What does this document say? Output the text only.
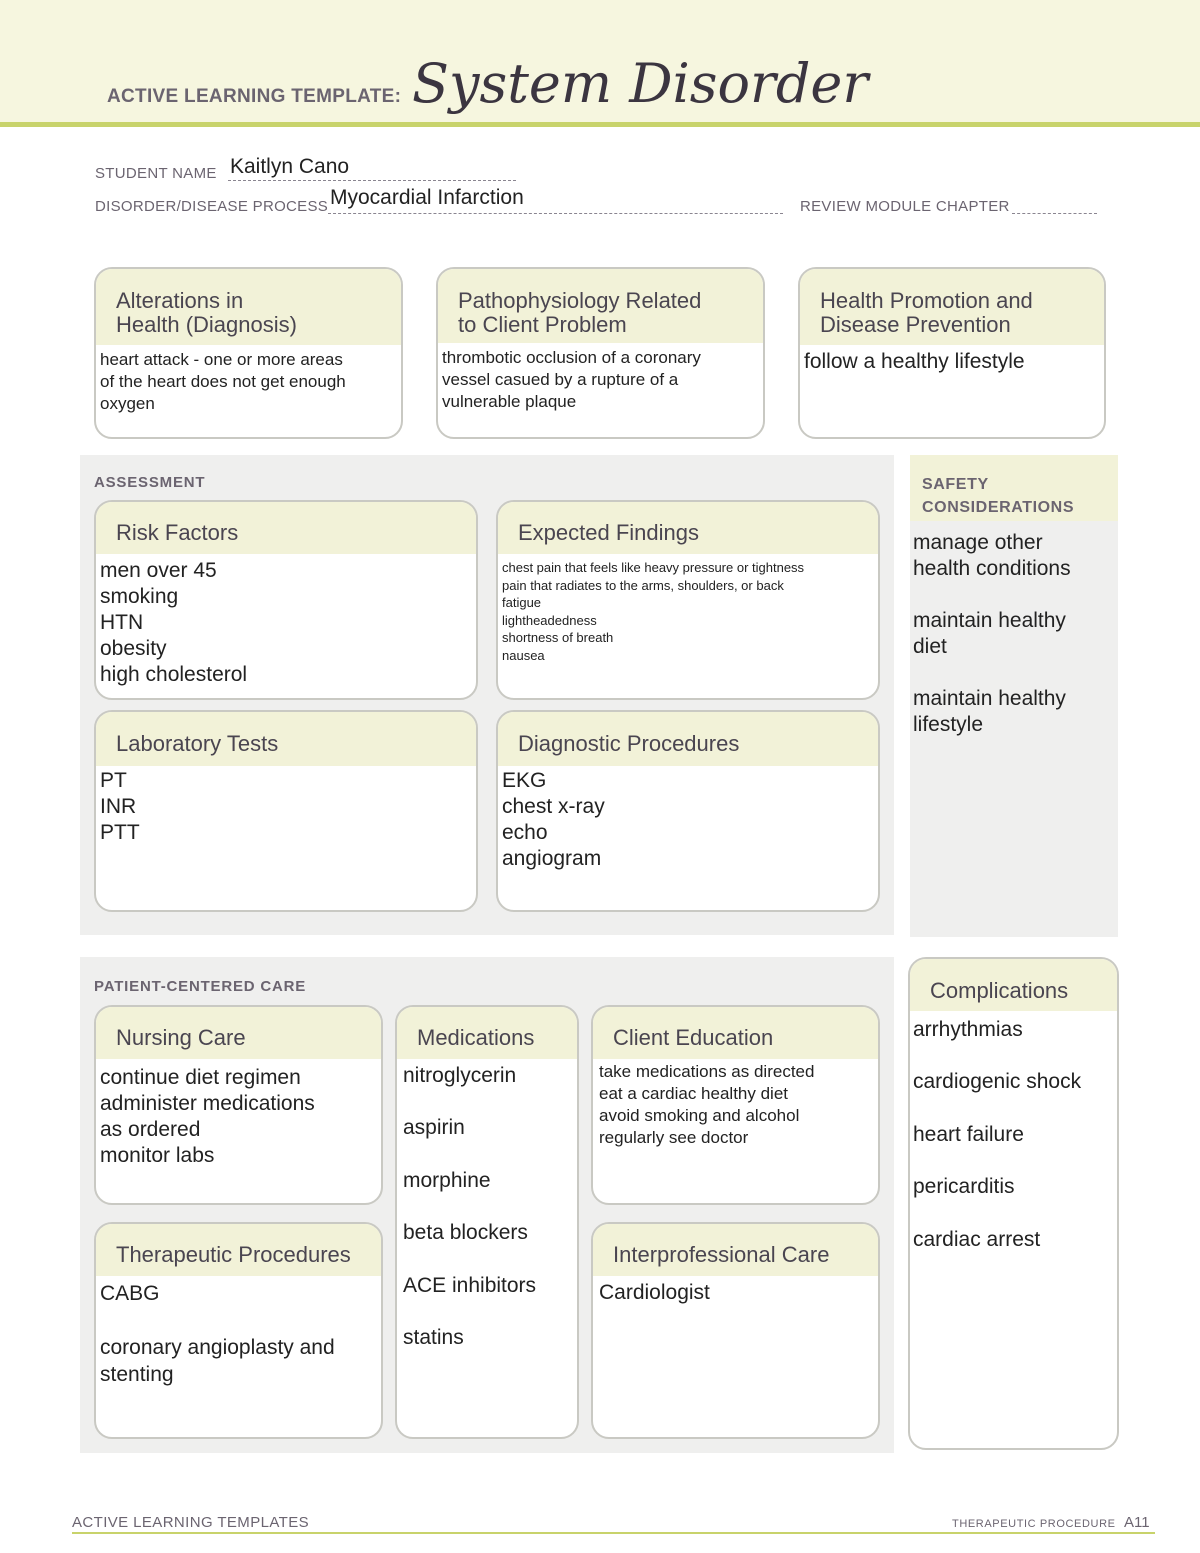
ACTIVE LEARNING TEMPLATE: System Disorder
STUDENT NAME Kaitlyn Cano
DISORDER/DISEASE PROCESS Myocardial Infarction	REVIEW MODULE CHAPTER
Alterations in
Health (Diagnosis)
heart attack - one or more areas
of the heart does not get enough
oxygen
Pathophysiology Related
to Client Problem
thrombotic occlusion of a coronary
vessel casued by a rupture of a
vulnerable plaque
Health Promotion and
Disease Prevention
follow a healthy lifestyle
ASSESSMENT
Risk Factors
men over 45
smoking
HTN
obesity
high cholesterol
Expected Findings
chest pain that feels like heavy pressure or tightness
pain that radiates to the arms, shoulders, or back
fatigue
lightheadedness
shortness of breath
nausea
Laboratory Tests
PT
INR
PTT
Diagnostic Procedures
EKG
chest x-ray
echo
angiogram
SAFETY
CONSIDERATIONS
manage other
health conditions

maintain healthy
diet

maintain healthy
lifestyle
PATIENT-CENTERED CARE
Nursing Care
continue diet regimen
administer medications
as ordered
monitor labs
Medications
nitroglycerin

aspirin

morphine

beta blockers

ACE inhibitors

statins
Client Education
take medications as directed
eat a cardiac healthy diet
avoid smoking and alcohol
regularly see doctor
Therapeutic Procedures
CABG

coronary angioplasty and
stenting
Interprofessional Care
Cardiologist
Complications
arrhythmias

cardiogenic shock

heart failure

pericarditis

cardiac arrest
ACTIVE LEARNING TEMPLATES	THERAPEUTIC PROCEDURE A11
